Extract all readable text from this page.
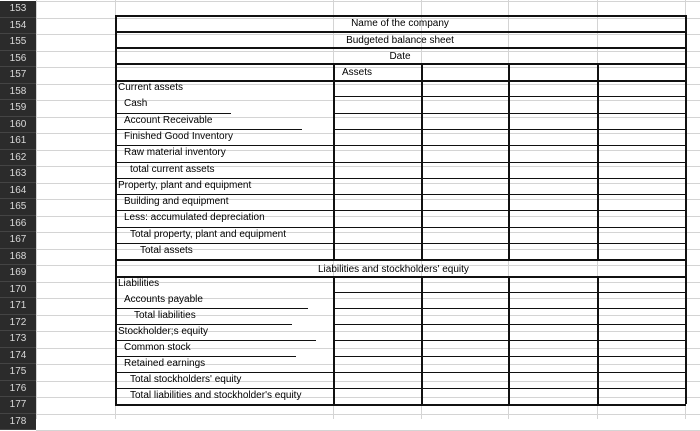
153
154
155
156
157
158
159
160
161
162
163
164
165
166
167
168
169
170
171
172
173
174
175
176
177
178
Name of the company
Budgeted balance sheet
Date
Assets
Liabilities and stockholders' equity
Current assets
Cash
Account Receivable
Finished Good Inventory
Raw material inventory
total current assets
Property, plant and equipment
Building and equipment
Less: accumulated depreciation
Total property, plant and equipment
Total assets
Liabilities
Accounts payable
Total liabilities
Stockholder;s equity
Common stock
Retained earnings
Total stockholders' equity
Total liabilities and stockholder's equity
